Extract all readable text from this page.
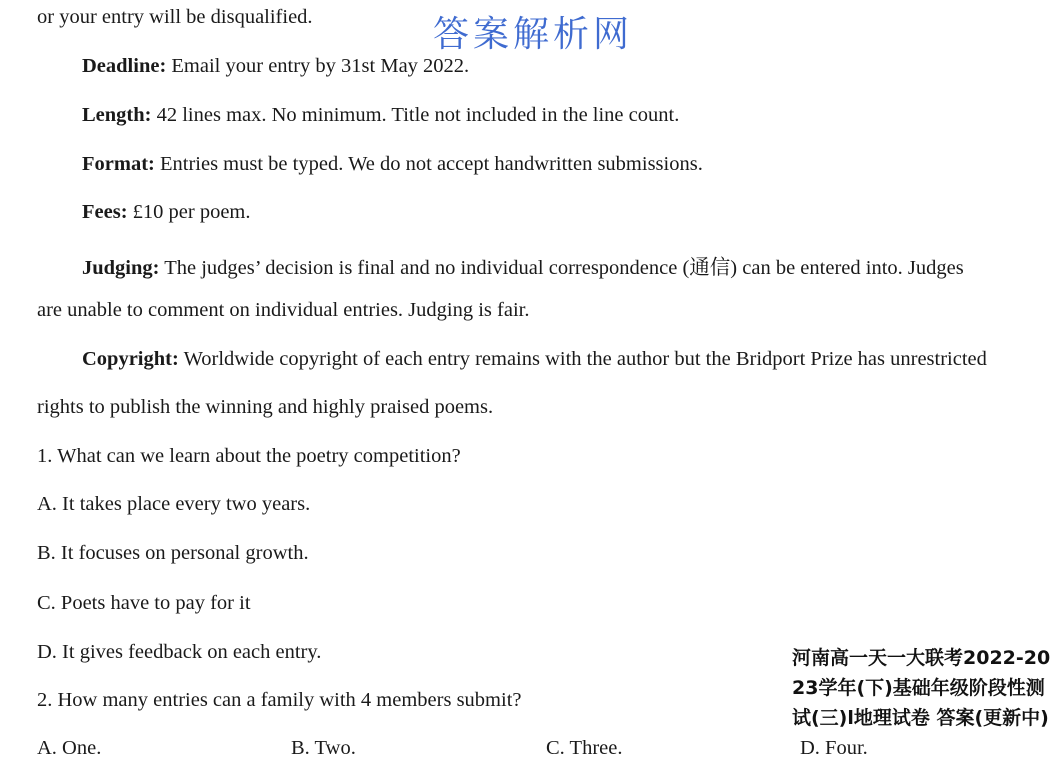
答案解析网
or your entry will be disqualified.
Deadline: Email your entry by 31st May 2022.
Length: 42 lines max. No minimum. Title not included in the line count.
Format: Entries must be typed. We do not accept handwritten submissions.
Fees: £10 per poem.
Judging: The judges’ decision is final and no individual correspondence (通信) can be entered into. Judges
are unable to comment on individual entries. Judging is fair.
Copyright: Worldwide copyright of each entry remains with the author but the Bridport Prize has unrestricted
rights to publish the winning and highly praised poems.
1. What can we learn about the poetry competition?
A. It takes place every two years.
B. It focuses on personal growth.
C. Poets have to pay for it
D. It gives feedback on each entry.
2. How many entries can a family with 4 members submit?
A. One.	B. Two.	C. Three.	D. Four.
河南高一天一大联考2022-2023学年(下)基础年级阶段性测试(三)l地理试卷 答案(更新中)
